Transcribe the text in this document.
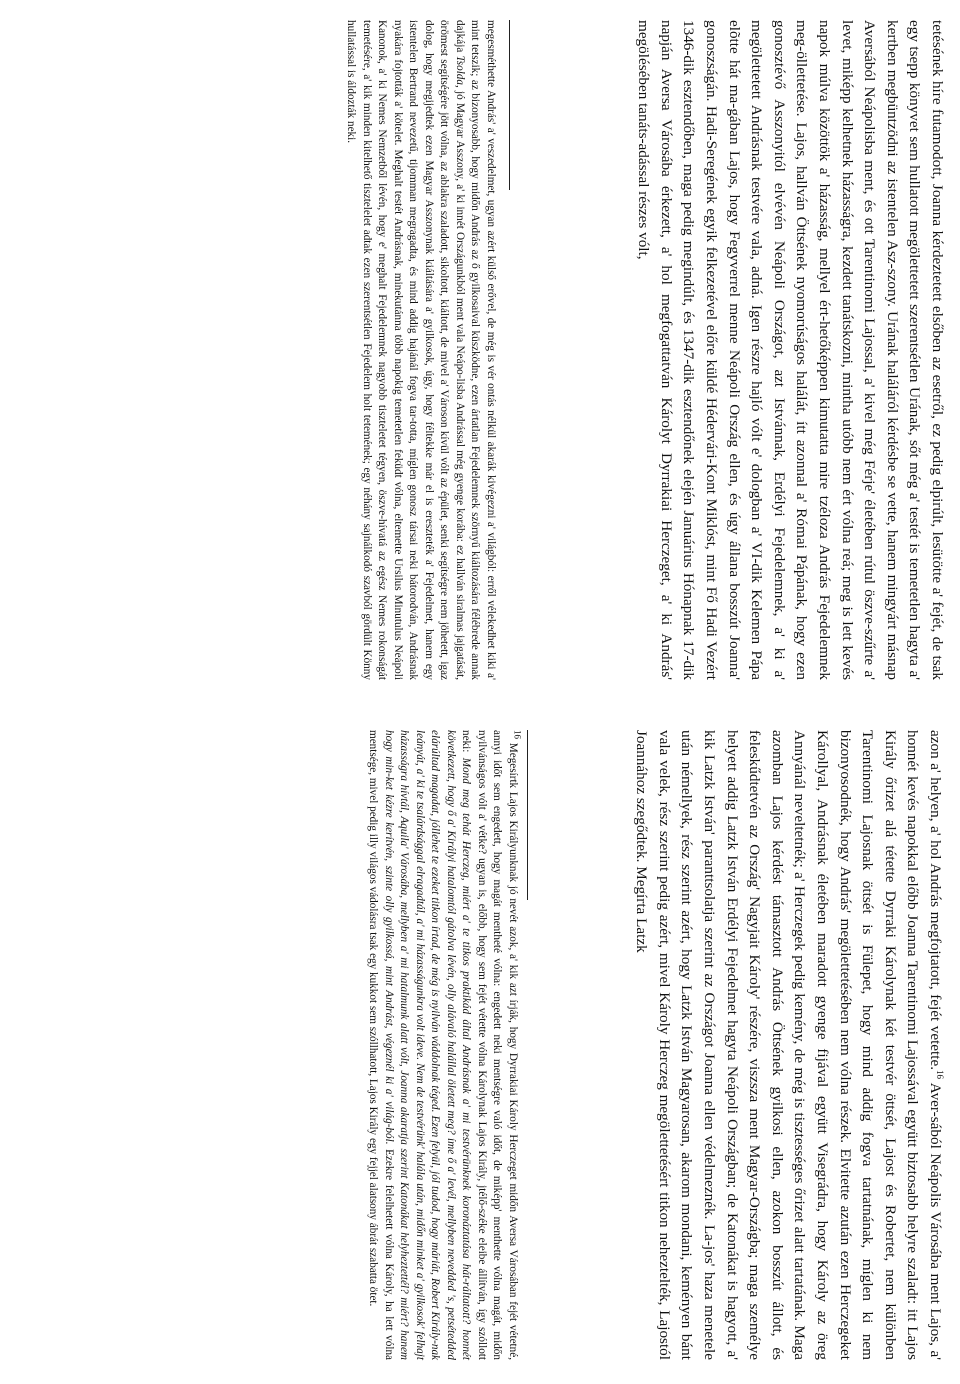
tetésének híre futamodott, Joanna kérdeztetett elsőben az esetről, ez pedig elpirúlt, lesütötte a' fejét, de tsak egy tsepp könyvet sem hullatott megölettetett szerentsétlen Urának, sőt még a' testét is temetetlen hagyta a' kertben megbüntzödni az istentelen Asz-szony. Urának haláláról kérdésbe se vette, hanem mingyárt másnap Aversából Neápolisba ment, és ott Tarentinomi Lajossal, a' kivel még Férje' életében rútul öszve-szűrte a' levet, miképp kelhetnek házasságra, kezdett tanátskozni, mintha utóbb nem ért vólna reá; meg is lett kevés napok múlva közöttök a' házasság, mellyel ért-hetőképpen kimutatta mire tzéloza András Fejedelemnek meg-öllettetése. Lajos, hallván Öttsének nyomorúságos halálát, ítt azonnal a' Római Pápának, hogy ezen gonosztévő Asszonyitól elvévén Neápoli Országot, azt Istvánnak, Erdélyi Fejedelemnek, a' ki a' megölettetett Andrásnak testvére vala, adná. Igen részre hajló vólt e' dologban a' VI-dik Kelemen Pápa elõtte hát ma-gában Lajos, hogy Fegyverrel menne Neápoli Ország ellen, és úgy állana bosszút Joanna' gonoszságán. Hadi-Seregének egyik felkezetével előre küldé Hédervári-Kont Miklóst, mint Fő Hadi Vezért 1346-dik esztendőben, maga pedig megindúlt, és 1347-dik esztendőnek elején Januárius Hónapnak 17-dik napján Aversa Városába érkezett, a' hol megfogattatván Károlyt Dyrrakiai Herczeget, a' ki András' megölésében tanáts-adással részes vólt,

megesméthette András' a' veszedelmet, ugyan azért külső erővel, de még is vér ontás nélkül akarák kivégezni a' világból: erről vélekedhet kiki a' mint tetszik; az bizonyosabb, hogy midőn András az ő gyilkosaival küszködne, ezen ártatlan Fejedelemnek szörnyű kiáltozására félébrede annak dajkája Tsolda, jó Magyar Asszony, a' ki innét Országunkból ment vala Neápo-lisba Andrással még gyenge korába: ez hallván siralmas jajgatását, örömest segítségére jött vólna, az ablakra szaladott, sikoltott, kiáltott, de mivel a' Városon kívül vólt az épület, senki segítségre nem jöhetett, igaz dolog, hogy megijedtek ezen Magyar Asszonynak kiáltására a' gyilkosok, úgy, hogy féltekke már el is ereszteték a' Fejedelmet, hanem egy istentelen Bertrand nevezetű, tijomman megragadta, és mind addig hajánál fogva tar-totta, míglen gonosz társai neki bátorodván, Andrásnak nyakára fojtották a' kötelet. Meghalt testét Andrásnak, minekutánna több napokig temetetlen feküdt vólna, eltemette Ursilus Minutulus Neápoli Kanonok, a' ki Nemes Nemzetből lévén, hogy e' meghalt Fejedelemnek nagyobb tiszteletet tégyen, öszve-hívatá az egész Nemes rokonságát temetésére, a' kik minden kitelhető tisztelelet adtak ezen szerentsétlen Fejedelem holt tetemének; egy néhány sajnálkodó szavból gördült Könny hullatással is áldozták neki.

azon a' helyen, a' hol András megfojtatott, fejét vetette.$^{16}$ Aver-sából Neápolis Városába ment Lajos, a' honnét kevés napokkal előbb Joanna Tarentinomi Lajossával együtt biztosabb helyre szaladt: itt Lajos Király őrizet alá tétette Dyrraki Károlynak két testvér öttsét, Lajost és Robertet, nem különben Tarentinomi Lajosnak öttsét is Fülepet, hogy mind addig fogva tartatnának, míglen ki nem bizonyosodnék, hogy András' megölettetésében nem vólna részek. Elvitette azután ezen Herczegeket Károllyal, Andrásnak életében maradott gyenge fijával együtt Visegrádra, hogy Károly az öreg Annyánál neveltetnék; a' Herczegek pedig kemény, de még is tisztességes őrizet alatt tartatának. Maga azomban Lajos kérdést támasztott András Öttsének gyilkosi ellen, azokon bosszút állott, és feleskűdtetvén az Ország' Nagyjait Károly' részére, viszsza ment Magyar-Országba; maga személye helyett addig Latzk István Erdélyi Fejedelmet hagyta Neápoli Országban; de Katonákat is hagyott, a' kik Latzk István' paranttsolatja szerint az Országot Joanna ellen védelmeznék. La-jos' haza menetele után némellyek, rész szerint azért, hogy Latzk István Magyarosan, akarom mondani, keményen bánt vala velek, rész szerint pedig azért, mivel Károly Herczeg megölettetésért titkon neheztelték, Lajostól Joannához szegődtek. Megírta Latzk

$^{16}$ Megesírtk Lajos Királyunknak jó nevét azok, a' kik azt írják, hogy Dyrrakiai Károly Herczeget midőn Aversa Városában fejét vétetné, annyi időt sem engedett, hogy magát mentheté vólna: engedett neki mentségre való időt, de miképp' menthette vólna magát, midőn nyilvánságos vólt a' vétke? ugyan is, előbb, hogy sem fejét vétette vólna Károlynak Lajos Király, jtélő-széke eleibe állítván, így szóllott neki: Mond meg tehát Herczeg, miért a' te titkos praktikád által Andrásnak a' mi testvérünknek koronáztatása hát-ráltatott? honnét következett, hogy ő a' Királyi hatalomtól gátolva lévén, olly alávaló halállal öletett meg? íme ő a' levél, mellyben nevedded 's, petsétedded elárúltad magadat, jóllehet te ezeket titkon írtad, de még is nyilván váddolnak téged. Ezen felyül, jól tudod, hogy máriát, Robert Király-nak leányát, a' ki te tsalárdsággal elragadtál, a' mi házasságunkra volt ideve. Nem de testvérünk' halála után, midőn minket a' gyilkosok' felhajt házasságra hívtál, Aquila' Városába, mellyben a' mi hatalmunk alatt vólt, Joanna akaratja szerint Katonákat helyheztettél? miért? hanem hogy min-ket kézre kerítvén, szinte olly gyilkossá, mint Andrást, végeznél ki a' világ-ból. Ezekre felelhetett vólna Károly, ha lett vólna mentsége, mivel pedig illy világos vádolásra tsak egy kukkot sem szóllhatott, Lajos Király egy fejjel alatsony ábrát szabatta ötet.
